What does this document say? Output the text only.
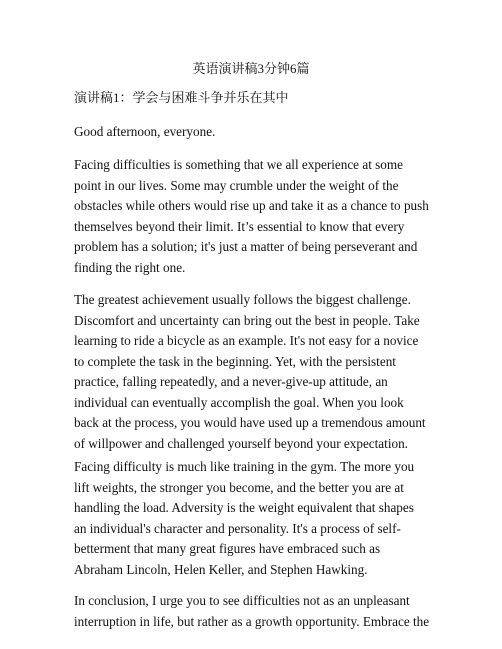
英语演讲稿3分钟6篇
演讲稿1：学会与困难斗争并乐在其中

Good afternoon, everyone.

Facing difficulties is something that we all experience at some
point in our lives. Some may crumble under the weight of the
obstacles while others would rise up and take it as a chance to push
themselves beyond their limit. It’s essential to know that every
problem has a solution; it's just a matter of being perseverant and
finding the right one.

The greatest achievement usually follows the biggest challenge.
Discomfort and uncertainty can bring out the best in people. Take
learning to ride a bicycle as an example. It's not easy for a novice
to complete the task in the beginning. Yet, with the persistent
practice, falling repeatedly, and a never-give-up attitude, an
individual can eventually accomplish the goal. When you look
back at the process, you would have used up a tremendous amount
of willpower and challenged yourself beyond your expectation.

Facing difficulty is much like training in the gym. The more you
lift weights, the stronger you become, and the better you are at
handling the load. Adversity is the weight equivalent that shapes
an individual's character and personality. It's a process of self-
betterment that many great figures have embraced such as
Abraham Lincoln, Helen Keller, and Stephen Hawking.

In conclusion, I urge you to see difficulties not as an unpleasant
interruption in life, but rather as a growth opportunity. Embrace the
